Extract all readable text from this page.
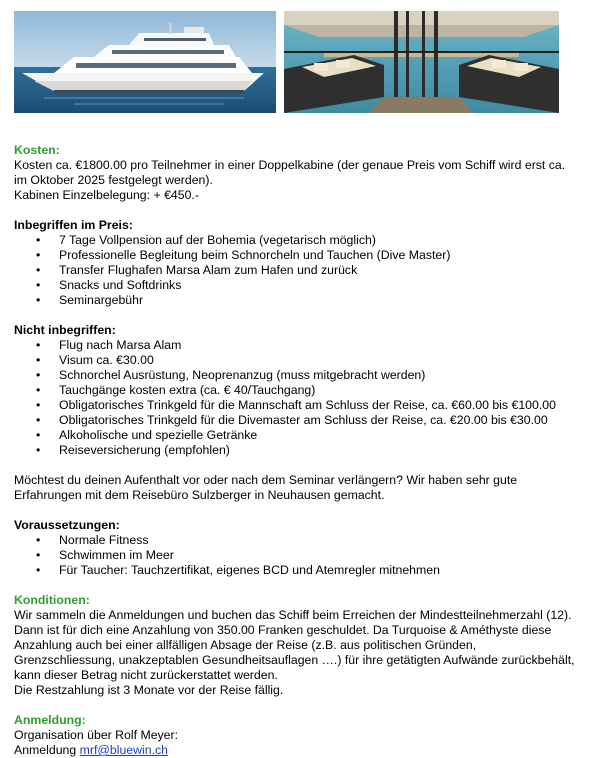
Kosten:

Kosten ca. €1800.00 pro Teilnehmer in einer Doppelkabine (der genaue Preis vom Schiff wird erst ca.

im Oktober 2025 festgelegt werden).

Kabinen Einzelbelegung: + €450.-

Inbegriffen im Preis:

• 7 Tage Vollpension auf der Bohemia (vegetarisch möglich)
• Professionelle Begleitung beim Schnorcheln und Tauchen (Dive Master)
• Transfer Flughafen Marsa Alam zum Hafen und zurück
• Snacks und Softdrinks
• Seminargebühr

Nicht inbegriffen:

• Flug nach Marsa Alam
• Visum ca. €30.00
• Schnorchel Ausrüstung, Neoprenanzug (muss mitgebracht werden)
• Tauchgänge kosten extra (ca. € 40/Tauchgang)
• Obligatorisches Trinkgeld für die Mannschaft am Schluss der Reise, ca. €60.00 bis €100.00
• Obligatorisches Trinkgeld für die Divemaster am Schluss der Reise, ca. €20.00 bis €30.00
• Alkoholische und spezielle Getränke
• Reiseversicherung (empfohlen)

Möchtest du deinen Aufenthalt vor oder nach dem Seminar verlängern? Wir haben sehr gute

Erfahrungen mit dem Reisebüro Sulzberger in Neuhausen gemacht.

Voraussetzungen:

• Normale Fitness
• Schwimmen im Meer
• Für Taucher: Tauchzertifikat, eigenes BCD und Atemregler mitnehmen

Konditionen:

Wir sammeln die Anmeldungen und buchen das Schiff beim Erreichen der Mindestteilnehmerzahl (12).

Dann ist für dich eine Anzahlung von 350.00 Franken geschuldet. Da Turquoise & Améthyste diese

Anzahlung auch bei einer allfälligen Absage der Reise (z.B. aus politischen Gründen,

Grenzschliessung, unakzeptablen Gesundheitsauflagen ….) für ihre getätigten Aufwände zurückbehält,

kann dieser Betrag nicht zurückerstattet werden.

Die Restzahlung ist 3 Monate vor der Reise fällig.

Anmeldung:

Organisation über Rolf Meyer:

Anmeldung mrf@bluewin.ch
